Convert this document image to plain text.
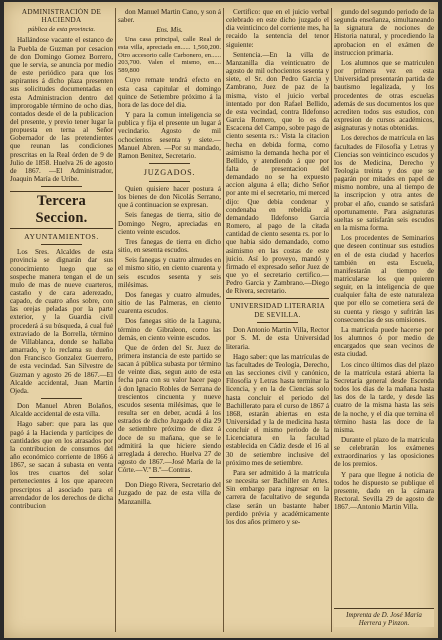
ADMINISTRACIÓN DE HACIENDA
pública de esta provincia.

Hallándose vacante el estanco de la Puebla de Guzman por cesacion de don Domingo Gomez Borrero, que le servia, se anuncia por medio de este periódico para que los aspirantes á dicho plaza presenten sus solicitudes documentadas en esta Administracion dentro del improrogable término de ocho dias, contados desde el de la publicacion del presente, y previo tener lugar la propuesta en terna al Señor Gobernador de las pretendientes que reunan las condiciones prescritas en la Real órden de 9 de Julio de 1858. Huelva 26 de agosto de 1867. —El Administrador, Joaquin María de Uribe.

Tercera Seccion.
AYUNTAMIENTOS.

Los Sres. Alcaldes de esta provincia se dignarán dar sus conocimiento luego que se sospeche manera tengan el de un mulo de mas de nueve cuarteros, castaño y de cara aderezado, capado, de cuatro años sobre, con las orejas peladas por la parte exterior, y la Guardia civil procederá á su búsqueda, á cual fué extraviado de la Borrella, término de Villablanca, donde se hallaba amarrado, y lo reclama su dueño don Francisco Gonzalez Guerrero, de esta vecindad. San Silvestre de Guzman y agosto 26 de 1867.—El Alcalde accidental, Juan Martin Ojeda.

Don Manuel Abren Bolaños, Alcalde accidental de esta villa.

Hago saber: que para las que pagó á la Hacienda y partícipes de cantidades que en los atrasados por la contribucion de consumos del año económico corriente de 1866 á 1867, se sacan á subasta en venta los tres cuartos del solar pertenecientes á los que aparecen prescriptos al asociado para el arrendador de los derechos de dicha contribucion

don Manuel Martin Cano, y son á saber.

Ens. Mis.

Una casa principal, calle Real de esta villa, apreciada en...... 1,560,200. Otro accesorio calle Carbonero, en...... 203,700. Valen el mismo, en.... 589,800

Cuyo remate tendrá efecto en esta casa capitular el domingo quince de Setiembre próximo á la hora de las doce del dia.

Y para la comun inteligencia se publica y fija el presente un lugar á vecindario. Agosto de mil ochocientos sesenta y siete.—Manuel Abren. —Por su mandado, Ramon Benitez, Secretario.

JUZGADOS.

Quien quisiere hacer postura á los bienes de don Nicolás Serrano, que á continuacion se expresan.

Seis fanegas de tierra, sitio de Domingo Negro, apreciadas en ciento veinte escudos.

Tres fanegas de tierra en dicho sitio, en sesenta escudos.

Seis fanegas y cuatro almudes en el mismo sitio, en ciento cuarenta y seis escudos sesenta y seis milésimas.

Dos fanegas y cuatro almudes, sitio de las Palmeras, en ciento cuarenta escudos.

Dos fanegas sitio de la Laguna, término de Gibraleon, como las demás, en ciento veinte escudos.

Que de órden del Sr. Juez de primera instancia de este partido se sacan á pública subasta por término de veinte dias, segun auto de esta fecha para con su valor hacer pago á don Ignacio Robles de Serrana de trescientos cincuenta y nueve escudos sesenta milésimas, que le resulta ser en deber, acudá á los estrados de dicho Juzgado el dia 29 de setiembre próximo de diez á doce de su mañana, que se le admitirá la que hiciere siendo arreglada á derecho. Huelva 27 de agosto de 1867.—José María de la Córte.—V.º B.º—Contras.

Don Diego Rivera, Secretario del Juzgado de paz de esta villa de Manzanilla.

Certifico: que en el juicio verbal celebrado en este dicho juzgado el dia veinticinco del corriente mes, ha recaido la sentencia del tenor siguiente:

Sentencia.—En la villa de Manzanilla dia veinticuatro de agosto de mil ochocientos sesenta y siete, el Sr. don Pedro Garcia y Zambrano, Juez de paz de la misma, visto el juicio verbal intentado por don Rafael Bellido, de esta vecindad, contra Ildefonso Garcia Romero, que lo es da Escacena del Campo, sobre pago de ciento sesenta rs.: Vista la citacion hecha en debida forma, como asimismo la demanda hecha por el Bellido, y atendiendo á que por falta de presentacion del demandado no se ha expuesto accion alguna á ella; dicho Señor por ante mi el secretario, mi merced dijo: Que debia condenar y condenaba en rebeldía al demandado Ildefonso Garcia Romero, al pago de la citada cantidad de ciento sesenta rs. por lo que habia sido demandado, como asimismo en las costas de este juicio. Así lo proveyo, mandó y firmado el expresado señor Juez de que yo el secretario certifico.—Pedro Garcia y Zambrano.—Diego de Rivera, secretario.

UNIVERSIDAD LITERARIA DE SEVILLA.

Don Antonio Martin Villa, Rector por S. M. de esta Universidad literaria.

Hago saber: que las matrículas de las facultades de Teología, Derecho, en las secciones civil y canónico, Filosofía y Letras hasta terminar la licencia, y en la de Ciencias solo hasta concluir el periodo del Bachillerato para el curso de 1867 á 1868, estarán abiertas en esta Universidad y la de medicina hasta concluir el mismo periodo de la Licenciatura en la facultad establecida en Cádiz desde el 16 al 30 de setiembre inclusive del próximo mes de setiembre.

Para ser admitido á la matrícula se necesita ser Bachiller en Artes. Sin embargo para ingresar en la carrera de facultativo de segunda clase serán un bastante haber perdido prévia y académicamente los dos años primero y se-

gundo del segundo periodo de la segunda enseñanza, simultaneando la signatura de nociones de Historia natural, y procediendo la aprobacion en el exámen de instruccion primaria.

Los alumnos que se matriculen por primera vez en esta Universidad presentarán partida de bautismo legalizada, y los procedentes de otras escuelas además de sus documentos los que acrediten todos sus estudios, con expresion de cursos académicos, asignaturas y notas obtenidas.

Los derechos de matrícula en las facultades de Filosofía y Letras y Ciencias son veinticinco escudos y los de Medicina, Derecho y Teologia treinta y dos que se pagarán por mitades en papel de mismo nombre, una al tiempo de la inscripcion y otra antes de probar el año, cuando se satisfará oportunamente. Para asignaturas sueltas se satisfarán seis escudos en la misma forma.

Los procedentes de Seminarios que deseen continuar sus estudios en el de esta ciudad y hacerlos también en esta Escuela, manifestarán al tiempo de matricularse los que quieren seguir, en la inteligencia de que cualquier falta de este naturaleza que por ello se cometiera será de su cuenta y riesgo y sufrirán las consecuencias de sus omisiones.

La matrícula puede hacerse por los alumnos ó por medio de encargados que sean vecinos de esta ciudad.

Los cinco últimos dias del plazo de la matrícula estará abierta la Secretaría general desde Escenda todos los dias de la mañana hasta las dos de la tarde, y desde las cuatro de la misma hasta las seis de la noche, y el dia que ternina el término hasta las doce de la misma.

Durante el plazo de la matrícula se celebrarán los exámenes extraordinarios y las oposiciones de los premios.

Y para que llegue á noticia de todos he dispuesto se publique el presente, dado en la cámara Rectoral. Sevilla 29 de agosto de 1867.—Antonio Martin Villa.

Imprenta de D. José María
Herrera y Pinzon.
